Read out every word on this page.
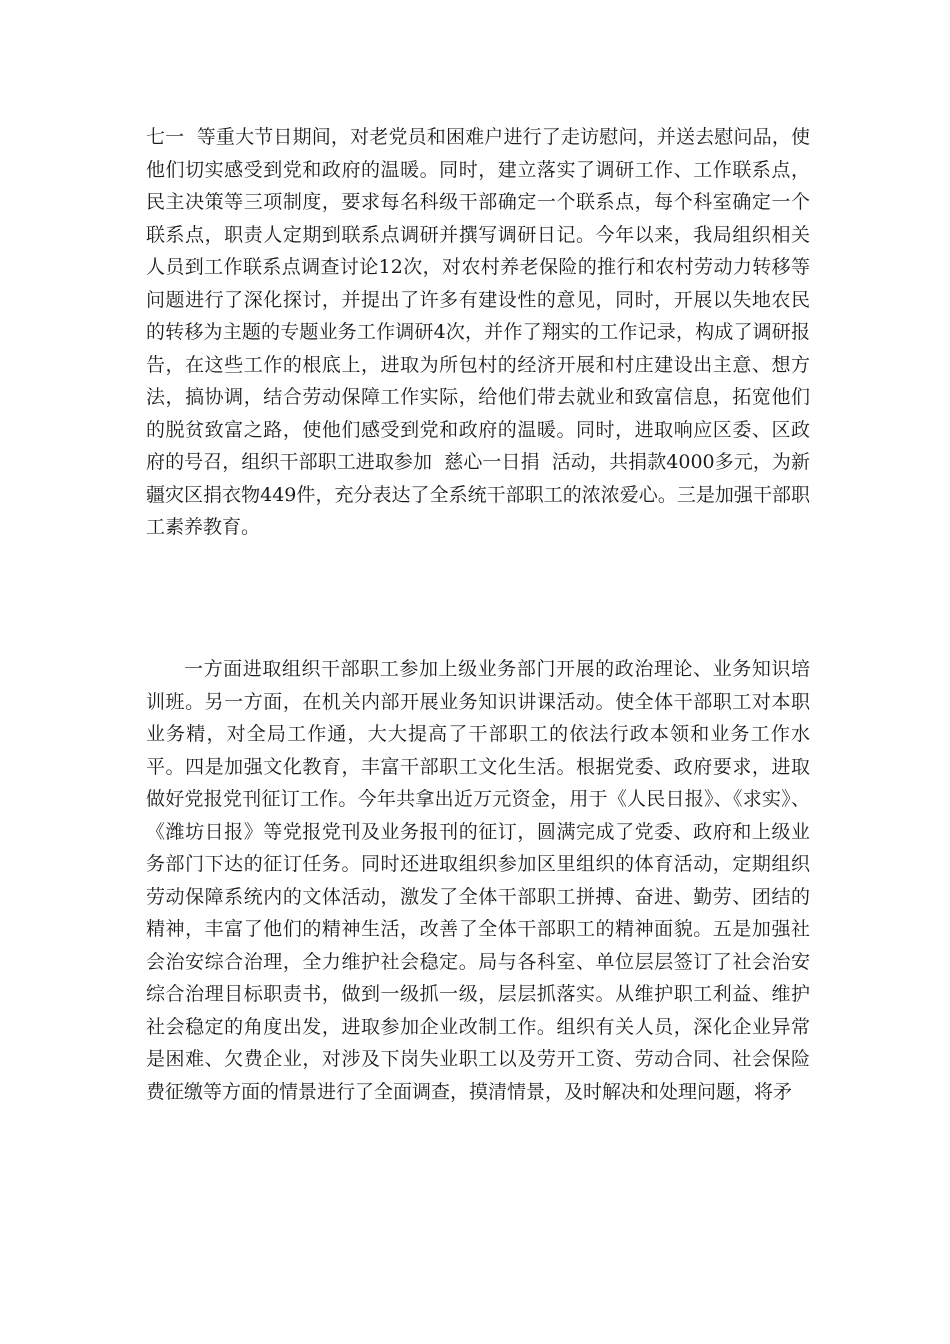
七一  等重大节日期间，对老党员和困难户进行了走访慰问，并送去慰问品，使他们切实感受到党和政府的温暖。同时，建立落实了调研工作、工作联系点，民主决策等三项制度，要求每名科级干部确定一个联系点，每个科室确定一个联系点，职责人定期到联系点调研并撰写调研日记。今年以来，我局组织相关人员到工作联系点调查讨论12次，对农村养老保险的推行和农村劳动力转移等问题进行了深化探讨，并提出了许多有建设性的意见，同时，开展以失地农民的转移为主题的专题业务工作调研4次，并作了翔实的工作记录，构成了调研报告，在这些工作的根底上，进取为所包村的经济开展和村庄建设出主意、想方法，搞协调，结合劳动保障工作实际，给他们带去就业和致富信息，拓宽他们的脱贫致富之路，使他们感受到党和政府的温暖。同时，进取响应区委、区政府的号召，组织干部职工进取参加  慈心一日捐  活动，共捐款4000多元，为新疆灾区捐衣物449件，充分表达了全系统干部职工的浓浓爱心。三是加强干部职工素养教育。

一方面进取组织干部职工参加上级业务部门开展的政治理论、业务知识培训班。另一方面，在机关内部开展业务知识讲课活动。使全体干部职工对本职业务精，对全局工作通，大大提高了干部职工的依法行政本领和业务工作水平。四是加强文化教育，丰富干部职工文化生活。根据党委、政府要求，进取做好党报党刊征订工作。今年共拿出近万元资金，用于《人民日报》、《求实》、《潍坊日报》等党报党刊及业务报刊的征订，圆满完成了党委、政府和上级业务部门下达的征订任务。同时还进取组织参加区里组织的体育活动，定期组织劳动保障系统内的文体活动，激发了全体干部职工拼搏、奋进、勤劳、团结的精神，丰富了他们的精神生活，改善了全体干部职工的精神面貌。五是加强社会治安综合治理，全力维护社会稳定。局与各科室、单位层层签订了社会治安综合治理目标职责书，做到一级抓一级，层层抓落实。从维护职工利益、维护社会稳定的角度出发，进取参加企业改制工作。组织有关人员，深化企业异常是困难、欠费企业，对涉及下岗失业职工以及劳开工资、劳动合同、社会保险费征缴等方面的情景进行了全面调查，摸清情景，及时解决和处理问题，将矛
